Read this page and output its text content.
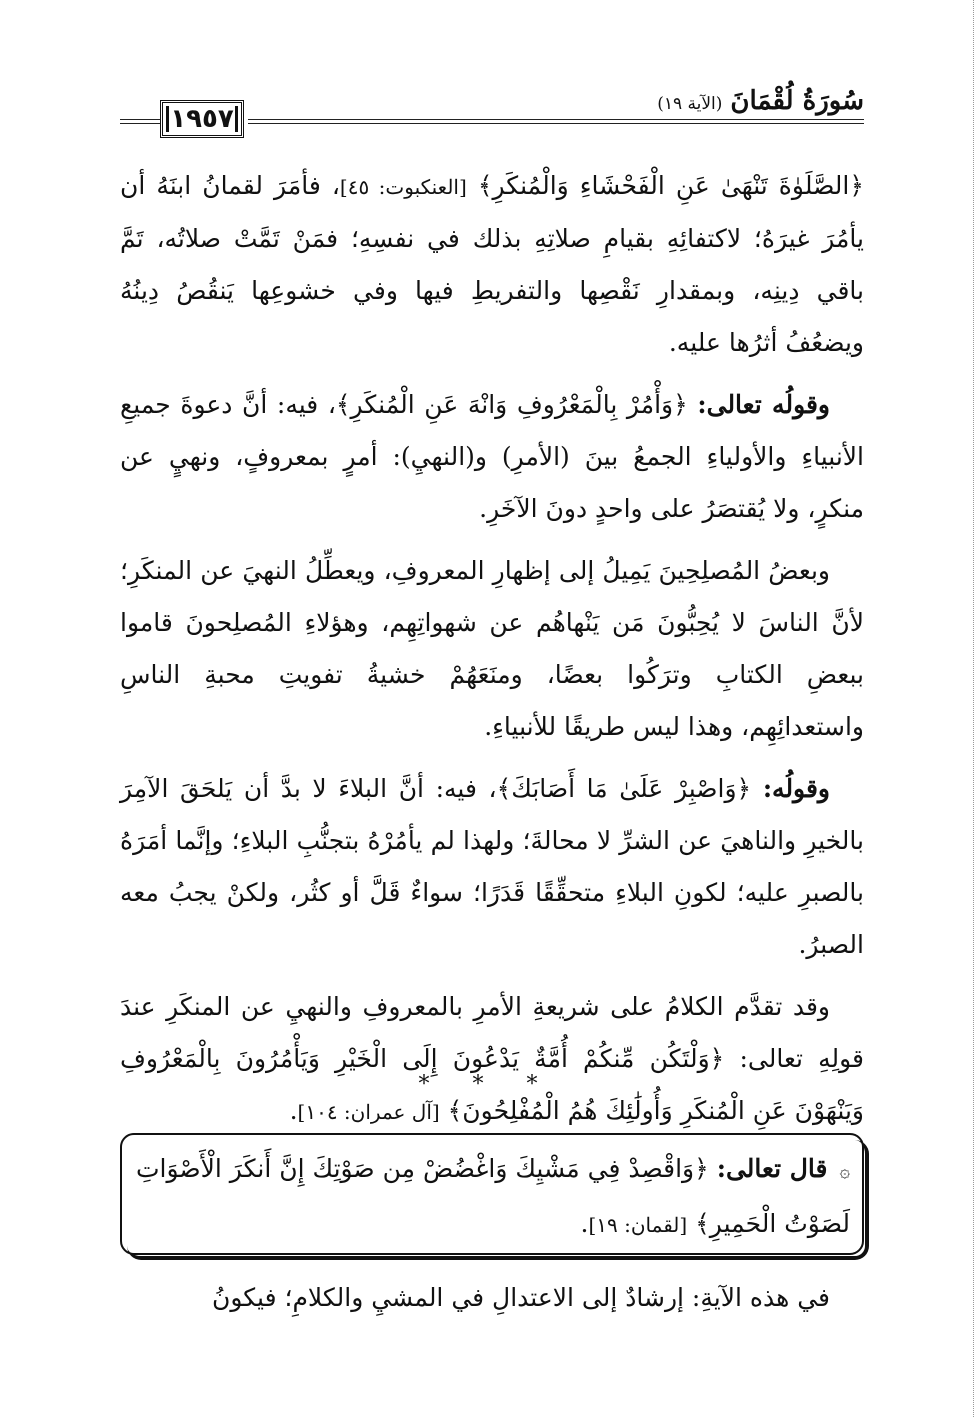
١٩٥٧
سُورَةُ لُقْمَانَ
(الآية ١٩)

﴿الصَّلَوٰةَ تَنْهَىٰ عَنِ الْفَحْشَاءِ وَالْمُنكَرِ﴾ [العنكبوت: ٤٥]، فأمَرَ لقمانُ ابنَهُ أن يأمُرَ غيرَهُ؛ لاكتفائِهِ بقيامِ صلاتِهِ بذلك في نفسِهِ؛ فمَنْ تَمَّتْ صلاتُه، تَمَّ باقي دِينِه، وبمقدارِ نَقْصِها والتفريطِ فيها وفي خشوعِها يَنقُصُ دِينُهُ ويضعُفُ أثرُها عليه.

وقولُه تعالى: ﴿وَأْمُرْ بِالْمَعْرُوفِ وَانْهَ عَنِ الْمُنكَرِ﴾، فيه: أنَّ دعوةَ جميعِ الأنبياءِ والأولياءِ الجمعُ بينَ (الأمرِ) و(النهيِ): أمرٍ بمعروفٍ، ونهيٍ عن منكرٍ، ولا يُقتصَرُ على واحدٍ دونَ الآخَرِ.

وبعضُ المُصلِحِينَ يَمِيلُ إلى إظهارِ المعروفِ، ويعطِّلُ النهيَ عن المنكَرِ؛ لأنَّ الناسَ لا يُحِبُّونَ مَن يَنْهاهُم عن شهواتِهِم، وهؤلاءِ المُصلِحونَ قاموا ببعضِ الكتابِ وترَكُوا بعضًا، ومنَعَهُمْ خشيةُ تفويتِ محبةِ الناسِ واستعدائِهِم، وهذا ليس طريقًا للأنبياءِ.

وقولُه: ﴿وَاصْبِرْ عَلَىٰ مَا أَصَابَكَ﴾، فيه: أنَّ البلاءَ لا بدَّ أن يَلحَقَ الآمِرَ بالخيرِ والناهيَ عن الشرِّ لا محالةَ؛ ولهذا لم يأمُرْهُ بتجنُّبِ البلاءِ؛ وإنَّما أمَرَهُ بالصبرِ عليه؛ لكونِ البلاءِ متحقِّقًا قَدَرًا؛ سواءٌ قَلَّ أو كثُر، ولكنْ يجبُ معه الصبرُ.

وقد تقدَّم الكلامُ على شريعةِ الأمرِ بالمعروفِ والنهيِ عن المنكَرِ عندَ قولِهِ تعالى: ﴿وَلْتَكُن مِّنكُمْ أُمَّةٌ يَدْعُونَ إِلَى الْخَيْرِ وَيَأْمُرُونَ بِالْمَعْرُوفِ وَيَنْهَوْنَ عَنِ الْمُنكَرِ وَأُولَٰئِكَ هُمُ الْمُفْلِحُونَ﴾ [آل عمران: ١٠٤].

* * *
۞ قال تعالى: ﴿وَاقْصِدْ فِي مَشْيِكَ وَاغْضُضْ مِن صَوْتِكَ إِنَّ أَنكَرَ الْأَصْوَاتِ لَصَوْتُ الْحَمِيرِ﴾ [لقمان: ١٩].
في هذه الآيةِ: إرشادٌ إلى الاعتدالِ في المشيِ والكلامِ؛ فيكونُ
